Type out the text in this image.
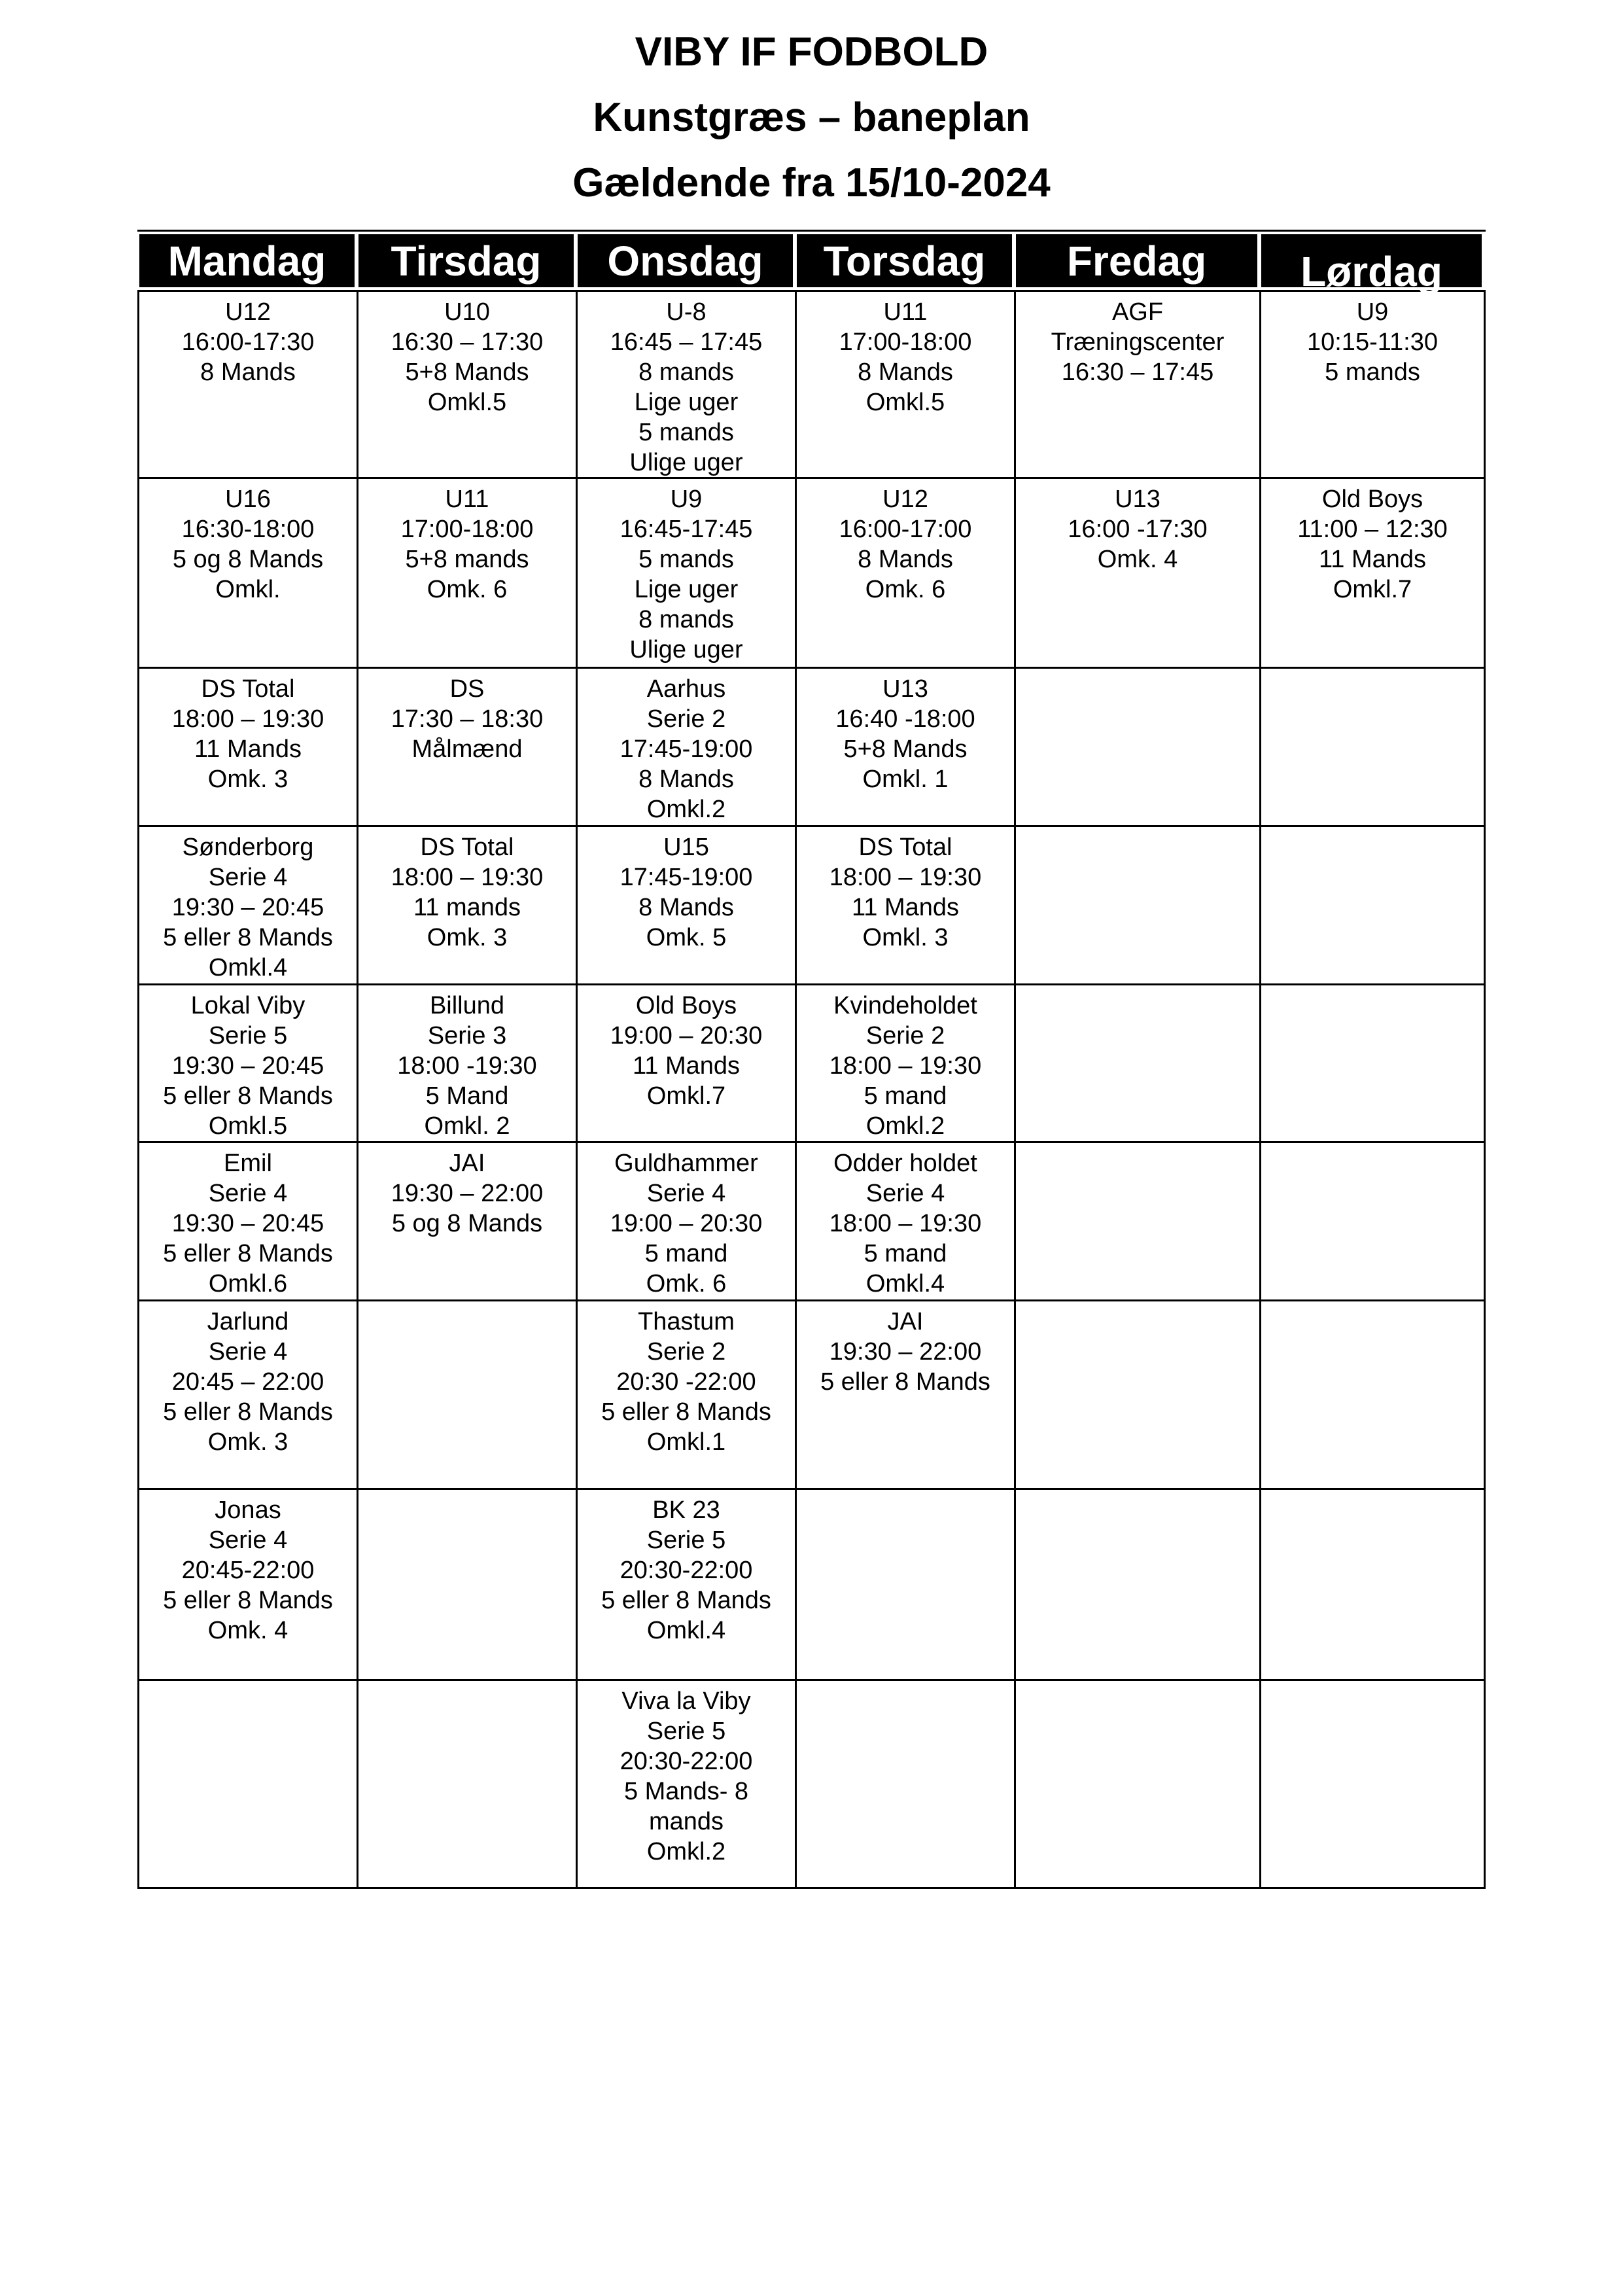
VIBY IF FODBOLD
Kunstgræs – baneplan
Gældende fra 15/10-2024
Mandag Tirsdag Onsdag Torsdag Fredag Lørdag
U12
16:00-17:30
8 Mands
U10
16:30 – 17:30
5+8 Mands
Omkl.5
U-8
16:45 – 17:45
8 mands
Lige uger
5 mands
Ulige uger
U11
17:00-18:00
8 Mands
Omkl.5
AGF
Træningscenter
16:30 – 17:45
U9
10:15-11:30
5 mands
U16
16:30-18:00
5 og 8 Mands
Omkl.
U11
17:00-18:00
5+8 mands
Omk. 6
U9
16:45-17:45
5 mands
Lige uger
8 mands
Ulige uger
U12
16:00-17:00
8 Mands
Omk. 6
U13
16:00 -17:30
Omk. 4
Old Boys
11:00 – 12:30
11 Mands
Omkl.7
DS Total
18:00 – 19:30
11 Mands
Omk. 3
DS
17:30 – 18:30
Målmænd
Aarhus
Serie 2
17:45-19:00
8 Mands
Omkl.2
U13
16:40 -18:00
5+8 Mands
Omkl. 1
Sønderborg
Serie 4
19:30 – 20:45
5 eller 8 Mands
Omkl.4
DS Total
18:00 – 19:30
11 mands
Omk. 3
U15
17:45-19:00
8 Mands
Omk. 5
DS Total
18:00 – 19:30
11 Mands
Omkl. 3
Lokal Viby
Serie 5
19:30 – 20:45
5 eller 8 Mands
Omkl.5
Billund
Serie 3
18:00 -19:30
5 Mand
Omkl. 2
Old Boys
19:00 – 20:30
11 Mands
Omkl.7
Kvindeholdet
Serie 2
18:00 – 19:30
5 mand
Omkl.2
Emil
Serie 4
19:30 – 20:45
5 eller 8 Mands
Omkl.6
JAI
19:30 – 22:00
5 og 8 Mands
Guldhammer
Serie 4
19:00 – 20:30
5 mand
Omk. 6
Odder holdet
Serie 4
18:00 – 19:30
5 mand
Omkl.4
Jarlund
Serie 4
20:45 – 22:00
5 eller 8 Mands
Omk. 3
Thastum
Serie 2
20:30 -22:00
5 eller 8 Mands
Omkl.1
JAI
19:30 – 22:00
5 eller 8 Mands
Jonas
Serie 4
20:45-22:00
5 eller 8 Mands
Omk. 4
BK 23
Serie 5
20:30-22:00
5 eller 8 Mands
Omkl.4
Viva la Viby
Serie 5
20:30-22:00
5 Mands- 8
mands
Omkl.2
